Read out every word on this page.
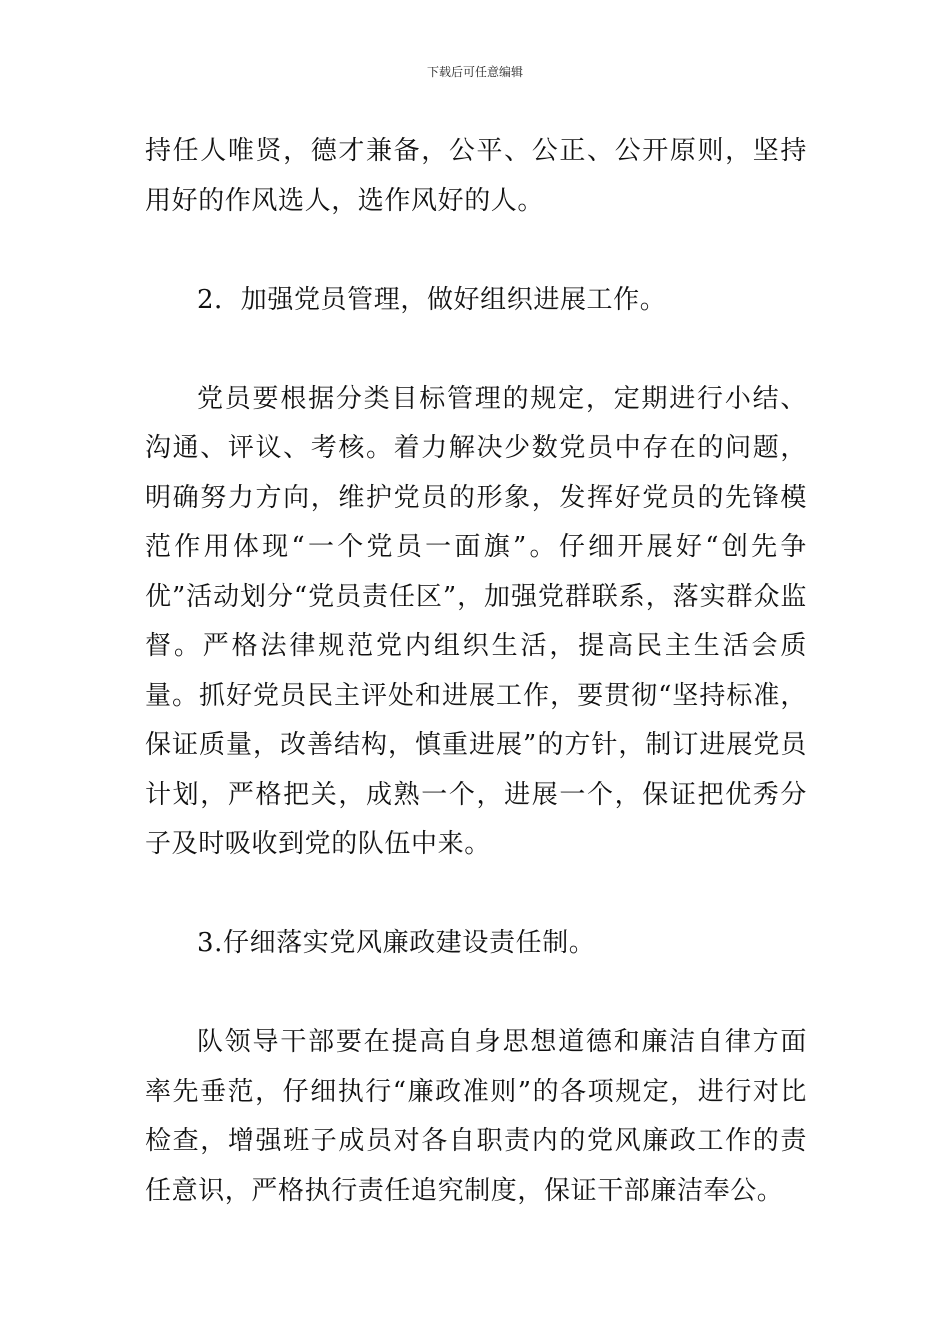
下载后可任意编辑

持任人唯贤，德才兼备，公平、公正、公开原则，坚持用好的作风选人，选作风好的人。

2．加强党员管理，做好组织进展工作。

党员要根据分类目标管理的规定，定期进行小结、沟通、评议、考核。着力解决少数党员中存在的问题，明确努力方向，维护党员的形象，发挥好党员的先锋模范作用体现“一个党员一面旗”。仔细开展好“创先争优”活动划分“党员责任区”，加强党群联系，落实群众监督。严格法律规范党内组织生活，提高民主生活会质量。抓好党员民主评处和进展工作，要贯彻“坚持标准，保证质量，改善结构，慎重进展”的方针，制订进展党员计划，严格把关，成熟一个，进展一个，保证把优秀分子及时吸收到党的队伍中来。

3.仔细落实党风廉政建设责任制。

队领导干部要在提高自身思想道德和廉洁自律方面率先垂范，仔细执行“廉政准则”的各项规定，进行对比检查，增强班子成员对各自职责内的党风廉政工作的责任意识，严格执行责任追究制度，保证干部廉洁奉公。
